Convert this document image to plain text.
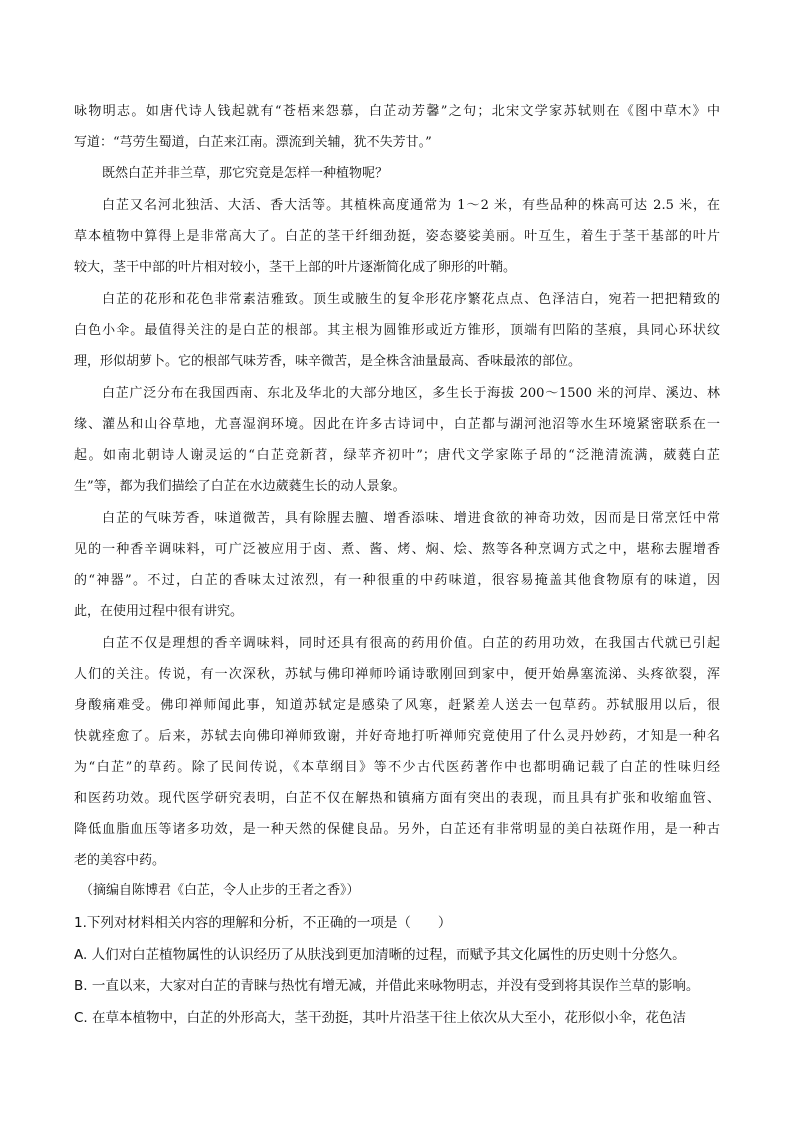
咏物明志。如唐代诗人钱起就有“苍梧来怨慕，白芷动芳馨”之句；北宋文学家苏轼则在《图中草木》中
写道：“芎劳生蜀道，白芷来江南。漂流到关辅，犹不失芳甘。”
既然白芷并非兰草，那它究竟是怎样一种植物呢？
白芷又名河北独活、大活、香大活等。其植株高度通常为 1～2 米，有些品种的株高可达 2.5 米，在
草本植物中算得上是非常高大了。白芷的茎干纤细劲挺，姿态婆娑美丽。叶互生，着生于茎干基部的叶片
较大，茎干中部的叶片相对较小，茎干上部的叶片逐渐简化成了卵形的叶鞘。
白芷的花形和花色非常素洁雅致。顶生或腋生的复伞形花序繁花点点、色泽洁白，宛若一把把精致的
白色小伞。最值得关注的是白芷的根部。其主根为圆锥形或近方锥形，顶端有凹陷的茎痕，具同心环状纹
理，形似胡萝卜。它的根部气味芳香，味辛微苦，是全株含油量最高、香味最浓的部位。
白芷广泛分布在我国西南、东北及华北的大部分地区，多生长于海拔 200～1500 米的河岸、溪边、林
缘、灌丛和山谷草地，尤喜湿润环境。因此在许多古诗词中，白芷都与湖河池沼等水生环境紧密联系在一
起。如南北朝诗人谢灵运的“白芷竞新苕，绿苹齐初叶”；唐代文学家陈子昂的“泛滟清流满，葳蕤白芷
生”等，都为我们描绘了白芷在水边葳蕤生长的动人景象。
白芷的气味芳香，味道微苦，具有除腥去膻、增香添味、增进食欲的神奇功效，因而是日常烹饪中常
见的一种香辛调味料，可广泛被应用于卤、煮、酱、烤、焖、烩、熬等各种烹调方式之中，堪称去腥增香
的“神器”。不过，白芷的香味太过浓烈，有一种很重的中药味道，很容易掩盖其他食物原有的味道，因
此，在使用过程中很有讲究。
白芷不仅是理想的香辛调味料，同时还具有很高的药用价值。白芷的药用功效，在我国古代就已引起
人们的关注。传说，有一次深秋，苏轼与佛印禅师吟诵诗歌刚回到家中，便开始鼻塞流涕、头疼欲裂，浑
身酸痛难受。佛印禅师闻此事，知道苏轼定是感染了风寒，赶紧差人送去一包草药。苏轼服用以后，很
快就痊愈了。后来，苏轼去向佛印禅师致谢，并好奇地打听禅师究竟使用了什么灵丹妙药，才知是一种名
为“白芷”的草药。除了民间传说，《本草纲目》等不少古代医药著作中也都明确记载了白芷的性味归经
和医药功效。现代医学研究表明，白芷不仅在解热和镇痛方面有突出的表现，而且具有扩张和收缩血管、
降低血脂血压等诸多功效，是一种天然的保健良品。另外，白芷还有非常明显的美白祛斑作用，是一种古
老的美容中药。
（摘编自陈博君《白芷，令人止步的王者之香》）
1.下列对材料相关内容的理解和分析，不正确的一项是（　　）
A. 人们对白芷植物属性的认识经历了从肤浅到更加清晰的过程，而赋予其文化属性的历史则十分悠久。
B. 一直以来，大家对白芷的青睐与热忱有增无减，并借此来咏物明志，并没有受到将其误作兰草的影响。
C. 在草本植物中，白芷的外形高大，茎干劲挺，其叶片沿茎干往上依次从大至小，花形似小伞，花色洁
